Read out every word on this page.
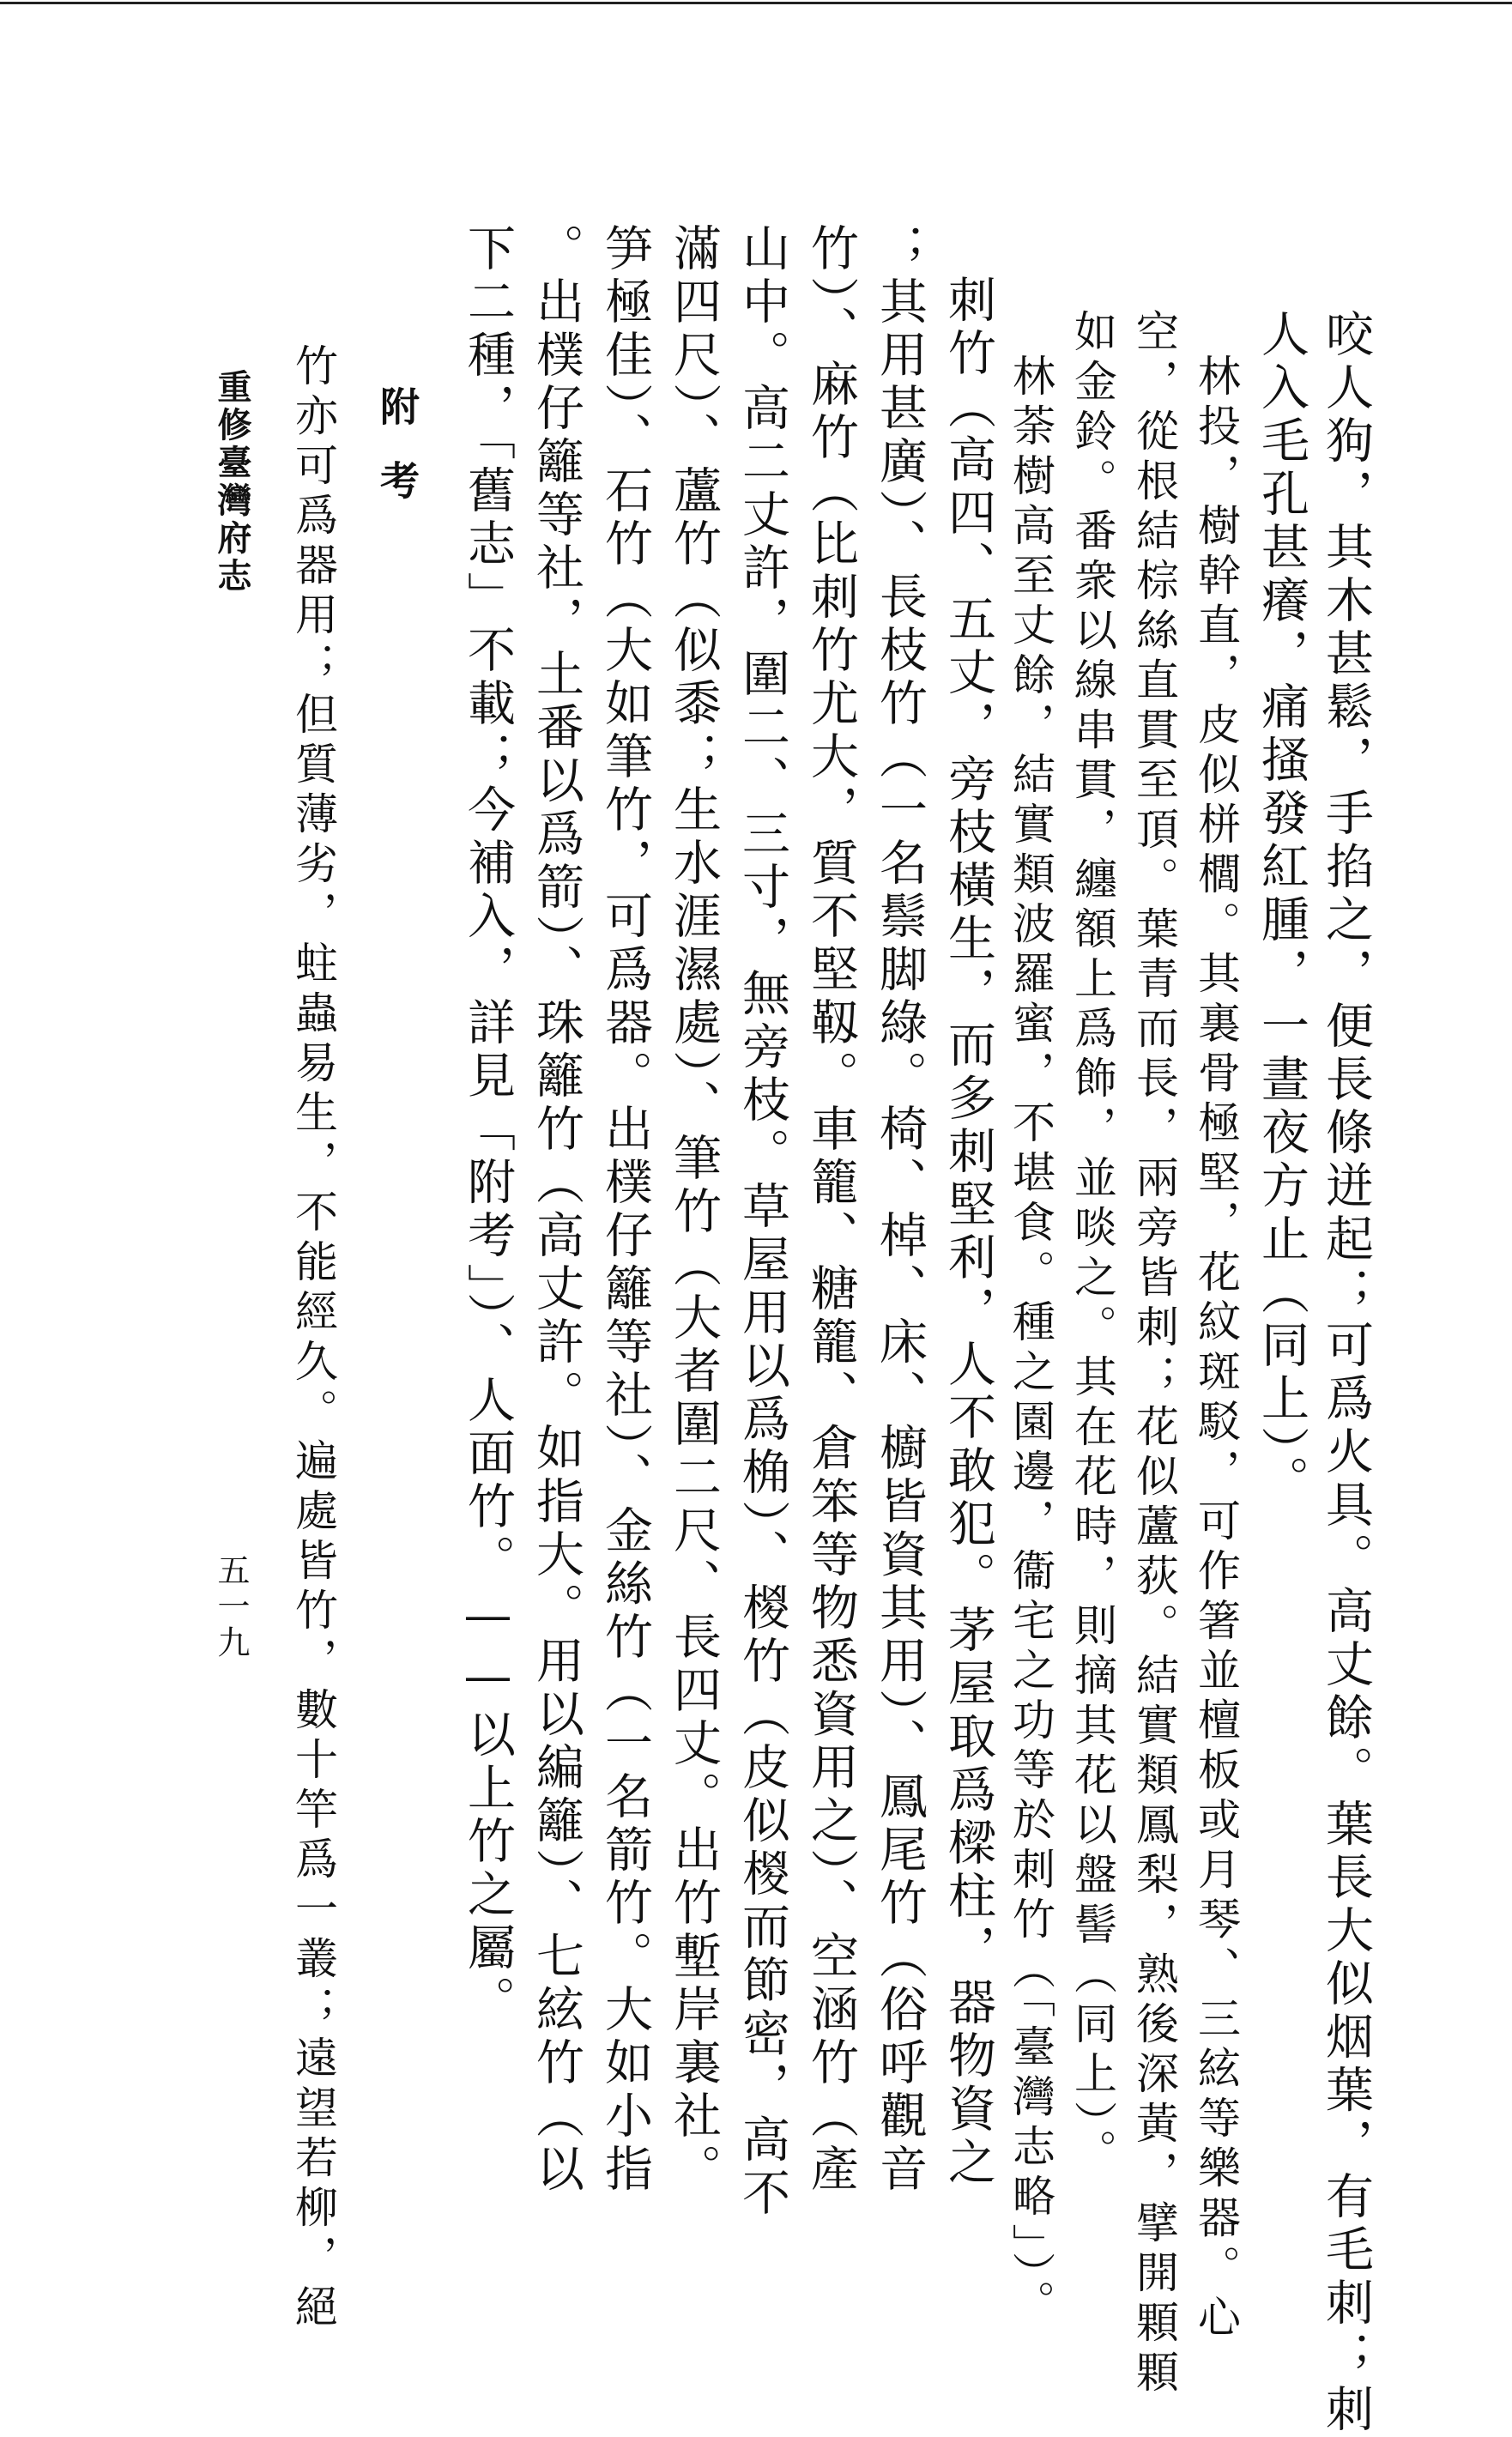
咬人狗，其木甚鬆，手掐之，便長條迸起；可爲火具。高丈餘。葉長大似烟葉，有毛刺；刺
人入毛孔甚癢，痛搔發紅腫，一晝夜方止（同上）。
林投，樹幹直，皮似栟櫚。其裏骨極堅，花紋斑駁，可作箸並檀板或月琴、三絃等樂器。心
空，從根結棕絲直貫至頂。葉青而長，兩旁皆刺；花似蘆荻。結實類鳳梨，熟後深黃，擘開顆顆
如金鈴。番衆以線串貫，纏額上爲飾，並啖之。其在花時，則摘其花以盤髻（同上）。
林荼樹高至丈餘，結實類波羅蜜，不堪食。種之園邊，衞宅之功等於刺竹（「臺灣志略」）。
刺竹（高四、五丈，旁枝橫生，而多刺堅利，人不敢犯。茅屋取爲樑柱，器物資之
；其用甚廣）、長枝竹（一名鬃脚綠。椅、棹、床、櫥皆資其用）、鳳尾竹（俗呼觀音
竹）、麻竹（比刺竹尤大，質不堅靱。車籠、糖籠、倉笨等物悉資用之）、空涵竹（產
山中。高二丈許，圍二、三寸，無旁枝。草屋用以爲桷）、椶竹（皮似椶而節密，高不
滿四尺）、蘆竹（似黍；生水涯濕處）、筆竹（大者圍二尺、長四丈。出竹塹岸裏社。
笋極佳）、石竹（大如筆竹，可爲器。出樸仔籬等社）、金絲竹（一名箭竹。大如小指
。出樸仔籬等社，土番以爲箭）、珠籬竹（高丈許。如指大。用以編籬）、七絃竹（以
下二種，「舊志」不載；今補入，詳見「附考」）、人面竹。——以上竹之屬。
附考
竹亦可爲器用；但質薄劣，蛀蟲易生，不能經久。遍處皆竹，數十竿爲一叢；遠望若柳，絕
重修臺灣府志
五一九
